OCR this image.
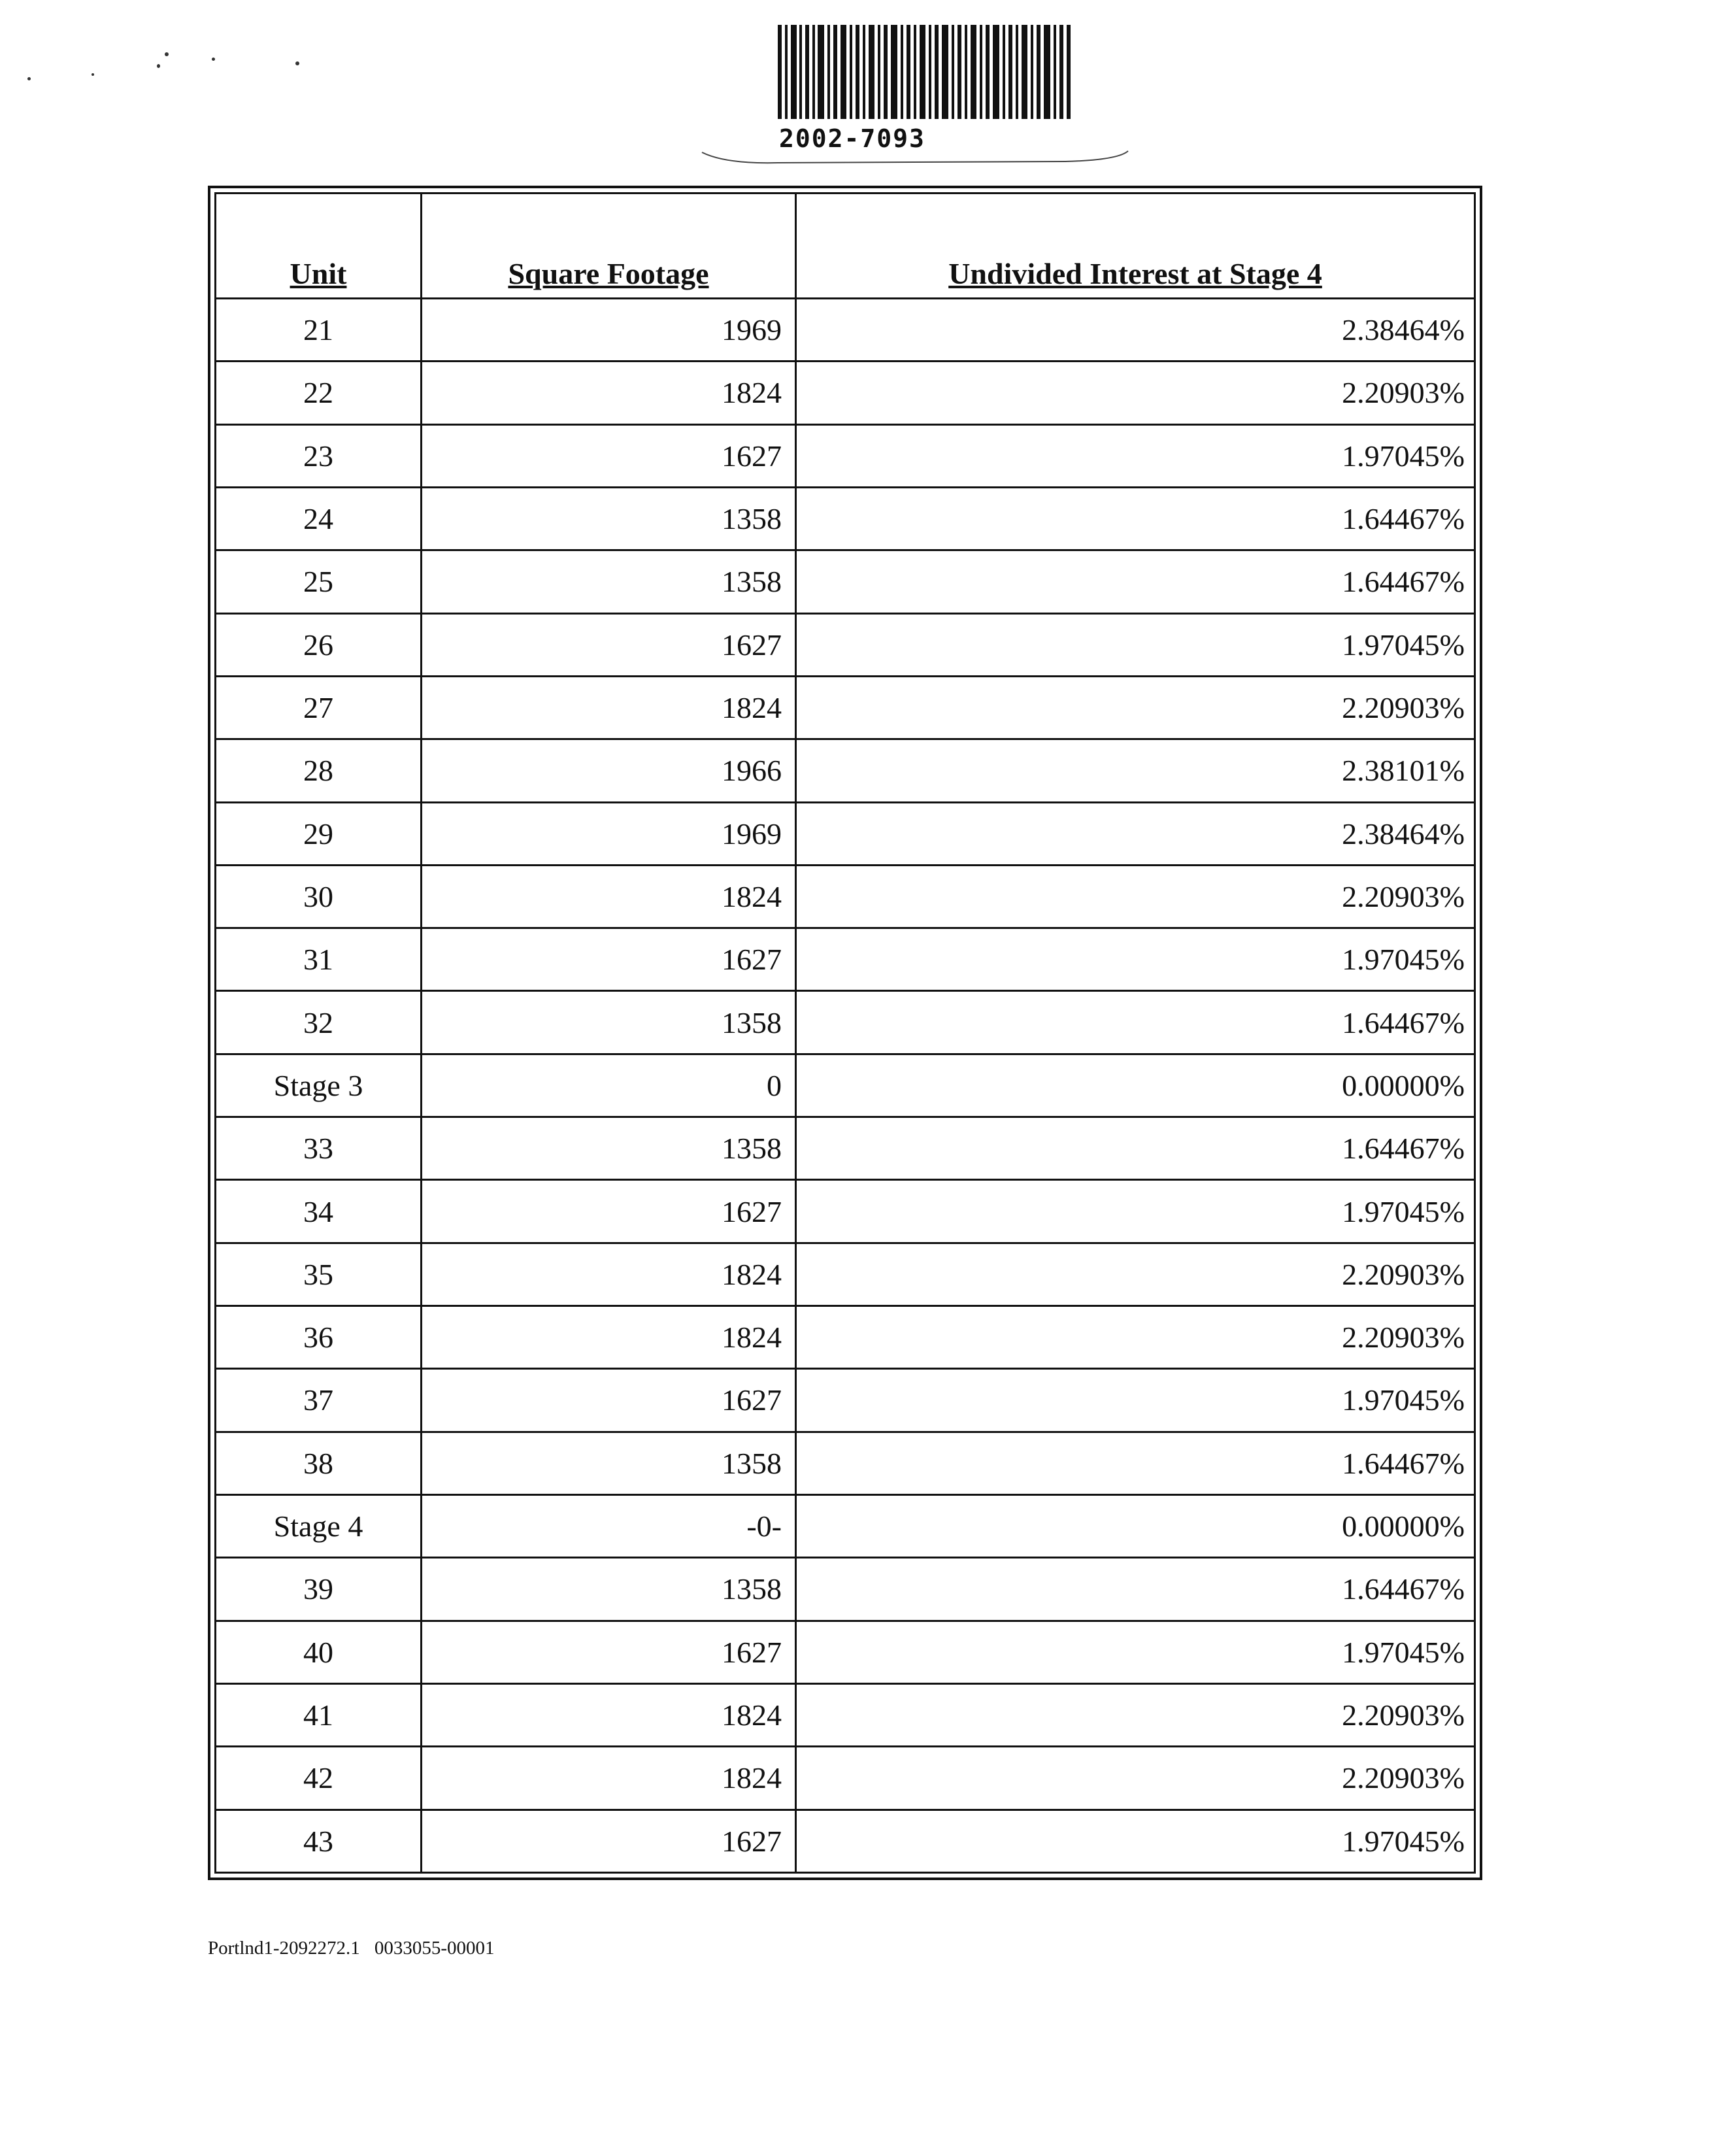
2002-7093
Unit	Square Footage	Undivided Interest at Stage 4
21	1969	2.38464%
22	1824	2.20903%
23	1627	1.97045%
24	1358	1.64467%
25	1358	1.64467%
26	1627	1.97045%
27	1824	2.20903%
28	1966	2.38101%
29	1969	2.38464%
30	1824	2.20903%
31	1627	1.97045%
32	1358	1.64467%
Stage 3	0	0.00000%
33	1358	1.64467%
34	1627	1.97045%
35	1824	2.20903%
36	1824	2.20903%
37	1627	1.97045%
38	1358	1.64467%
Stage 4	-0-	0.00000%
39	1358	1.64467%
40	1627	1.97045%
41	1824	2.20903%
42	1824	2.20903%
43	1627	1.97045%
Portlnd1-2092272.1 0033055-00001
